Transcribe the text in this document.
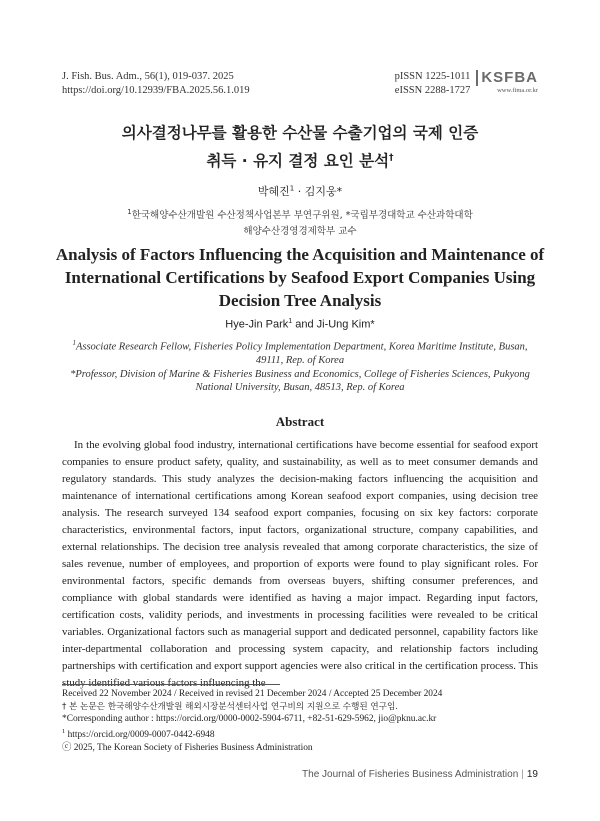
J. Fish. Bus. Adm., 56(1), 019-037. 2025
https://doi.org/10.12939/FBA.2025.56.1.019
pISSN 1225-1011
eISSN 2288-1727
KSFBA
www.fima.or.kr
의사결정나무를 활용한 수산물 수출기업의 국제 인증
취득 · 유지 결정 요인 분석†
박혜진$^1$ · 김지웅*
$^1$한국해양수산개발원 수산정책사업본부 부연구위원, *국립부경대학교 수산과학대학
해양수산경영경제학부 교수
Analysis of Factors Influencing the Acquisition and Maintenance of
International Certifications by Seafood Export Companies Using
Decision Tree Analysis
Hye-Jin Park$^1$ and Ji-Ung Kim*

$^1$Associate Research Fellow, Fisheries Policy Implementation Department, Korea Maritime Institute, Busan, 49111, Rep. of Korea

*Professor, Division of Marine & Fisheries Business and Economics, College of Fisheries Sciences, Pukyong National University, Busan, 48513, Rep. of Korea

Abstract

In the evolving global food industry, international certifications have become essential for seafood export companies to ensure product safety, quality, and sustainability, as well as to meet consumer demands and regulatory standards. This study analyzes the decision-making factors influencing the acquisition and maintenance of international certifications among Korean seafood export companies, using decision tree analysis. The research surveyed 134 seafood export companies, focusing on six key factors: corporate characteristics, environmental factors, input factors, organizational structure, company capabilities, and external relationships. The decision tree analysis revealed that among corporate characteristics, the size of sales revenue, number of employees, and proportion of exports were found to play significant roles. For environmental factors, specific demands from overseas buyers, shifting consumer preferences, and compliance with global standards were identified as having a major impact. Regarding input factors, certification costs, validity periods, and investments in processing facilities were revealed to be critical variables. Organizational factors such as managerial support and dedicated personnel, capability factors like inter-departmental collaboration and processing system capacity, and relationship factors including partnerships with certification and export support agencies were also critical in the certification process. This study identified various factors influencing the

Received 22 November 2024 / Received in revised 21 December 2024 / Accepted 25 December 2024
† 본 논문은 한국해양수산개발원 해외시장분석센터사업 연구비의 지원으로 수행된 연구임.
*Corresponding author : https://orcid.org/0000-0002-5904-6711, +82-51-629-5962, jio@pknu.ac.kr
$^1$ https://orcid.org/0009-0007-0442-6948
ⓒ 2025, The Korean Society of Fisheries Business Administration
The Journal of Fisheries Business Administration | 19
